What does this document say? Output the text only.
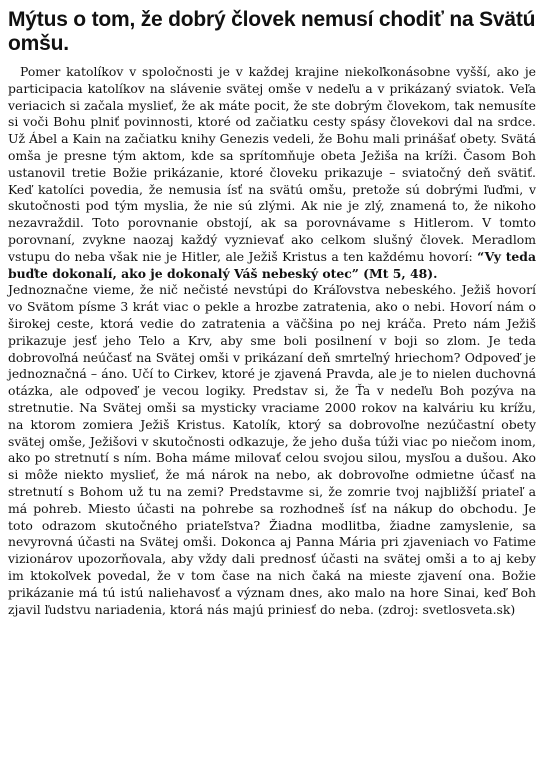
Mýtus o tom, že dobrý človek nemusí chodiť na Svätú omšu.

Pomer katolíkov v spoločnosti je v každej krajine niekoľkonásobne vyšší, ako je participacia katolíkov na slávenie svätej omše v nedeľu a v prikázaný sviatok. Veľa veriacich si začala myslieť, že ak máte pocit, že ste dobrým človekom, tak nemusíte si voči Bohu plniť povinnosti, ktoré od začiatku cesty spásy človekovi dal na srdce. Už Ábel a Kain na začiatku knihy Genezis vedeli, že Bohu mali prinášať obety. Svätá omša je presne tým aktom, kde sa sprítomňuje obeta Ježiša na kríži. Časom Boh ustanovil tretie Božie prikázanie, ktoré človeku prikazuje – sviatočný deň svätiť. Keď katolíci povedia, že nemusia ísť na svätú omšu, pretože sú dobrými ľuďmi, v skutočnosti pod tým myslia, že nie sú zlými. Ak nie je zlý, znamená to, že nikoho nezavraždil. Toto porovnanie obstojí, ak sa porovnávame s Hitlerom. V tomto porovnaní, zvykne naozaj každý vyznievať ako celkom slušný človek. Meradlom vstupu do neba však nie je Hitler, ale Ježiš Kristus a ten každému hovorí: “Vy teda buďte dokonalí, ako je dokonalý Váš nebeský otec” (Mt 5, 48).

Jednoznačne vieme, že nič nečisté nevstúpi do Kráľovstva nebeského. Ježiš hovorí vo Svätom písme 3 krát viac o pekle a hrozbe zatratenia, ako o nebi. Hovorí nám o širokej ceste, ktorá vedie do zatratenia a väčšina po nej kráča. Preto nám Ježiš prikazuje jesť jeho Telo a Krv, aby sme boli posilnení v boji so zlom. Je teda dobrovoľná neúčasť na Svätej omši v prikázaní deň smrteľný hriechom? Odpoveď je jednoznačná – áno. Učí to Cirkev, ktoré je zjavená Pravda, ale je to nielen duchovná otázka, ale odpoveď je vecou logiky. Predstav si, že Ťa v nedeľu Boh pozýva na stretnutie. Na Svätej omši sa mysticky vraciame 2000 rokov na kalváriu ku krížu, na ktorom zomiera Ježiš Kristus. Katolík, ktorý sa dobrovoľne nezúčastní obety svätej omše, Ježišovi v skutočnosti odkazuje, že jeho duša túži viac po niečom inom, ako po stretnutí s ním. Boha máme milovať celou svojou silou, mysľou a dušou. Ako si môže niekto myslieť, že má nárok na nebo, ak dobrovoľne odmietne účasť na stretnutí s Bohom už tu na zemi? Predstavme si, že zomrie tvoj najbližší priateľ a má pohreb. Miesto účasti na pohrebe sa rozhodneš ísť na nákup do obchodu. Je toto odrazom skutočného priateľstva? Žiadna modlitba, žiadne zamyslenie, sa nevyrovná účasti na Svätej omši. Dokonca aj Panna Mária pri zjaveniach vo Fatime vizionárov upozorňovala, aby vždy dali prednosť účasti na svätej omši a to aj keby im ktokoľvek povedal, že v tom čase na nich čaká na mieste zjavení ona. Božie prikázanie má tú istú naliehavosť a význam dnes, ako malo na hore Sinai, keď Boh zjavil ľudstvu nariadenia, ktorá nás majú priniesť do neba. (zdroj: svetlosveta.sk)
